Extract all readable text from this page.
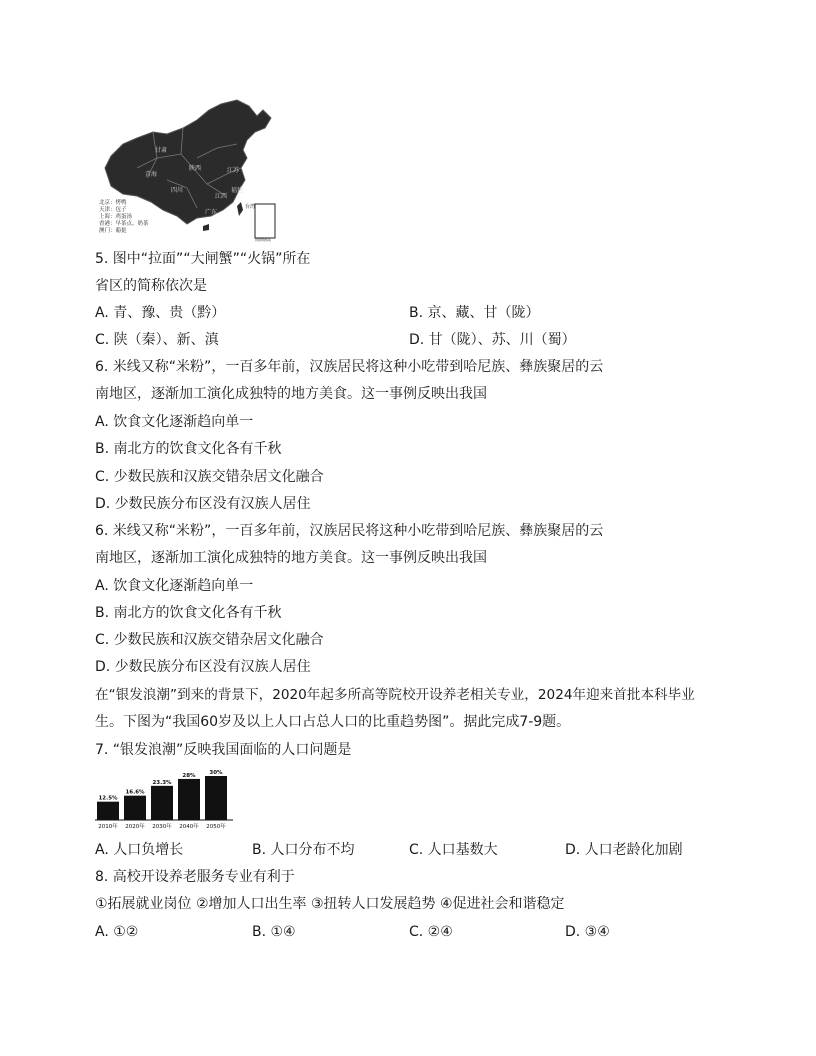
甘肃
青海
陕西
四川
江苏
江西
福建
广东
台湾
北京：烤鸭
天津：包子
上海：鸡蛋汤
香港：早茶点、奶茶
澳门：葡挞
南海诸岛
5. 图中“拉面”“大闸蟹”“火锅”所在
省区的简称依次是
A. 青、豫、贵（黔）	B. 京、藏、甘（陇）
C. 陕（秦）、新、滇	D. 甘（陇）、苏、川（蜀）
6. 米线又称“米粉”，一百多年前，汉族居民将这种小吃带到哈尼族、彝族聚居的云
南地区，逐渐加工演化成独特的地方美食。这一事例反映出我国
A. 饮食文化逐渐趋向单一
B. 南北方的饮食文化各有千秋
C. 少数民族和汉族交错杂居文化融合
D. 少数民族分布区没有汉族人居住
6. 米线又称“米粉”，一百多年前，汉族居民将这种小吃带到哈尼族、彝族聚居的云
南地区，逐渐加工演化成独特的地方美食。这一事例反映出我国
A. 饮食文化逐渐趋向单一
B. 南北方的饮食文化各有千秋
C. 少数民族和汉族交错杂居文化融合
D. 少数民族分布区没有汉族人居住
在“银发浪潮”到来的背景下，2020年起多所高等院校开设养老相关专业，2024年迎来首批本科毕业
生。下图为“我国60岁及以上人口占总人口的比重趋势图”。据此完成7-9题。
7. “银发浪潮”反映我国面临的人口问题是
12.5%
2010年
16.6%
2020年
23.3%
2030年
28%
2040年
30%
2050年
A. 人口负增长	B. 人口分布不均	C. 人口基数大	D. 人口老龄化加剧
8. 高校开设养老服务专业有利于
①拓展就业岗位 ②增加人口出生率 ③扭转人口发展趋势 ④促进社会和谐稳定
A. ①②	B. ①④	C. ②④	D. ③④
